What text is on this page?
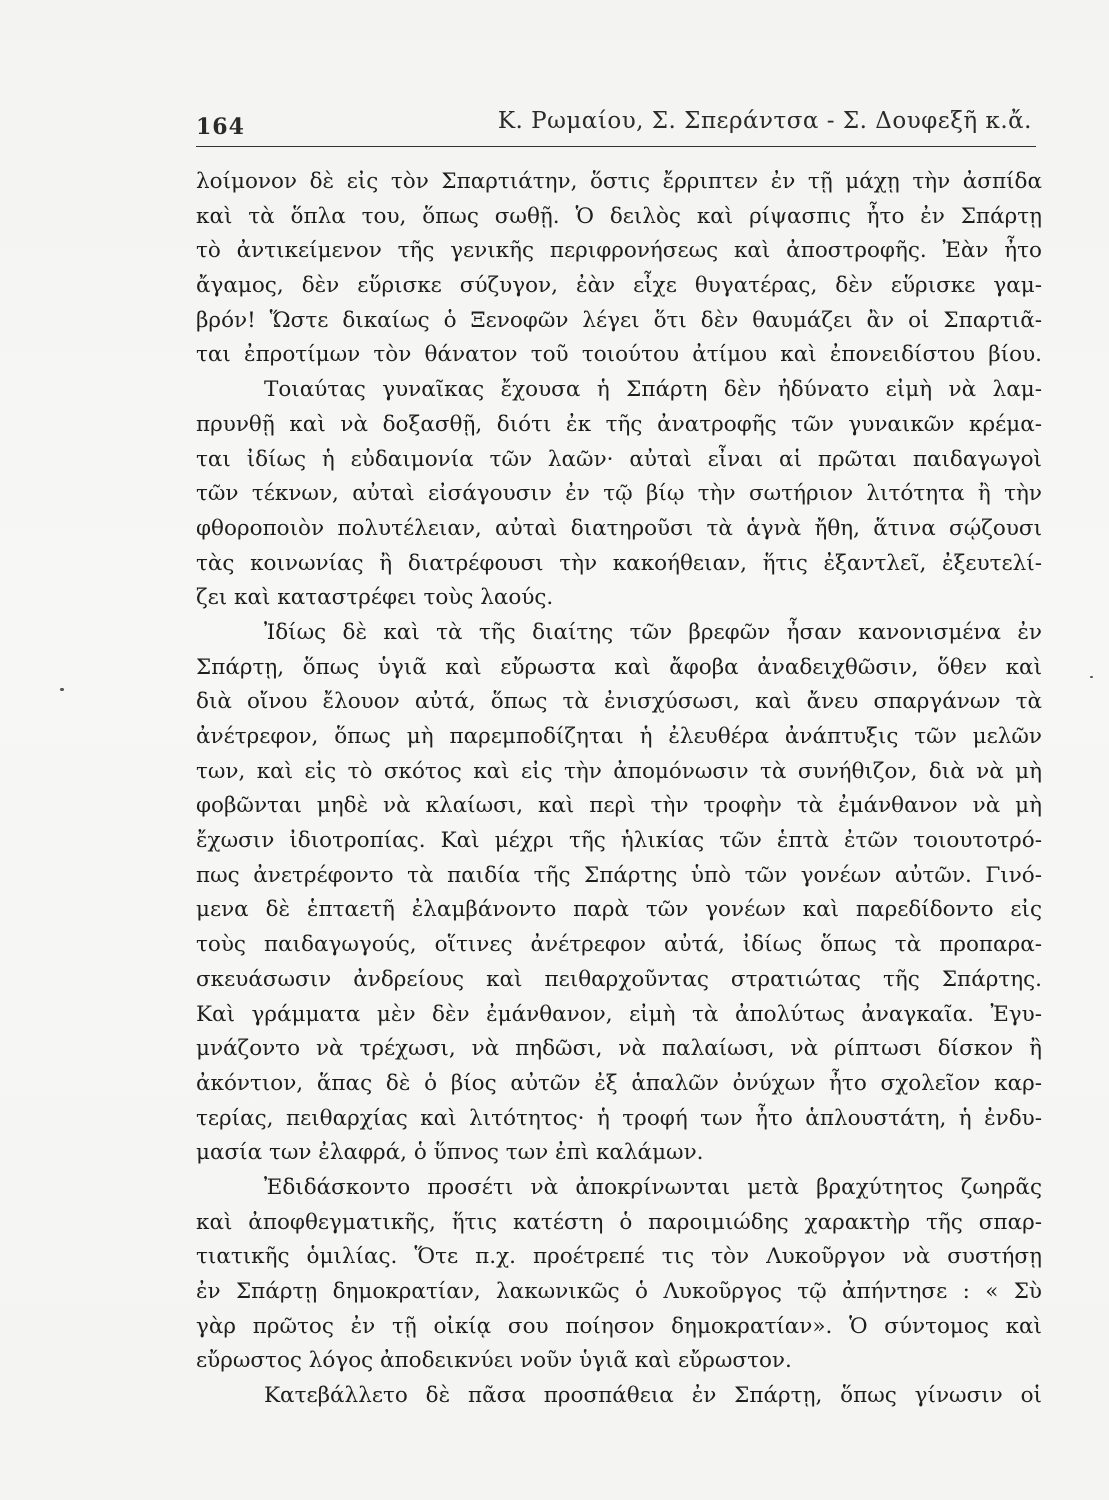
164	Κ. Ρωμαίου, Σ. Σπεράντσα - Σ. Δουφεξῆ κ.ἄ.
λοίμονον δὲ εἰς τὸν Σπαρτιάτην, ὅστις ἔρριπτεν ἐν τῇ μάχῃ τὴν ἀσπίδα
καὶ τὰ ὅπλα του, ὅπως σωθῇ. Ὁ δειλὸς καὶ ρίψασπις ἦτο ἐν Σπάρτῃ
τὸ ἀντικείμενον τῆς γενικῆς περιφρονήσεως καὶ ἀποστροφῆς. Ἐὰν ἦτο
ἄγαμος, δὲν εὕρισκε σύζυγον, ἐὰν εἶχε θυγατέρας, δὲν εὕρισκε γαμ-
βρόν! Ὥστε δικαίως ὁ Ξενοφῶν λέγει ὅτι δὲν θαυμάζει ἂν οἱ Σπαρτιᾶ-
ται ἐπροτίμων τὸν θάνατον τοῦ τοιούτου ἀτίμου καὶ ἐπονειδίστου βίου.
Τοιαύτας γυναῖκας ἔχουσα ἡ Σπάρτη δὲν ἠδύνατο εἰμὴ νὰ λαμ-
πρυνθῇ καὶ νὰ δοξασθῇ, διότι ἐκ τῆς ἀνατροφῆς τῶν γυναικῶν κρέμα-
ται ἰδίως ἡ εὐδαιμονία τῶν λαῶν· αὐταὶ εἶναι αἱ πρῶται παιδαγωγοὶ
τῶν τέκνων, αὐταὶ εἰσάγουσιν ἐν τῷ βίῳ τὴν σωτήριον λιτότητα ἢ τὴν
φθοροποιὸν πολυτέλειαν, αὐταὶ διατηροῦσι τὰ ἁγνὰ ἤθη, ἅτινα σῴζουσι
τὰς κοινωνίας ἢ διατρέφουσι τὴν κακοήθειαν, ἥτις ἐξαντλεῖ, ἐξευτελί-
ζει καὶ καταστρέφει τοὺς λαούς.
Ἰδίως δὲ καὶ τὰ τῆς διαίτης τῶν βρεφῶν ἦσαν κανονισμένα ἐν
Σπάρτῃ, ὅπως ὑγιᾶ καὶ εὔρωστα καὶ ἄφοβα ἀναδειχθῶσιν, ὅθεν καὶ
διὰ οἴνου ἔλουον αὐτά, ὅπως τὰ ἐνισχύσωσι, καὶ ἄνευ σπαργάνων τὰ
ἀνέτρεφον, ὅπως μὴ παρεμποδίζηται ἡ ἐλευθέρα ἀνάπτυξις τῶν μελῶν
των, καὶ εἰς τὸ σκότος καὶ εἰς τὴν ἀπομόνωσιν τὰ συνήθιζον, διὰ νὰ μὴ
φοβῶνται μηδὲ νὰ κλαίωσι, καὶ περὶ τὴν τροφὴν τὰ ἐμάνθανον νὰ μὴ
ἔχωσιν ἰδιοτροπίας. Καὶ μέχρι τῆς ἡλικίας τῶν ἑπτὰ ἐτῶν τοιουτοτρό-
πως ἀνετρέφοντο τὰ παιδία τῆς Σπάρτης ὑπὸ τῶν γονέων αὐτῶν. Γινό-
μενα δὲ ἑπταετῆ ἐλαμβάνοντο παρὰ τῶν γονέων καὶ παρεδίδοντο εἰς
τοὺς παιδαγωγούς, οἵτινες ἀνέτρεφον αὐτά, ἰδίως ὅπως τὰ προπαρα-
σκευάσωσιν ἀνδρείους καὶ πειθαρχοῦντας στρατιώτας τῆς Σπάρτης.
Καὶ γράμματα μὲν δὲν ἐμάνθανον, εἰμὴ τὰ ἀπολύτως ἀναγκαῖα. Ἐγυ-
μνάζοντο νὰ τρέχωσι, νὰ πηδῶσι, νὰ παλαίωσι, νὰ ρίπτωσι δίσκον ἢ
ἀκόντιον, ἅπας δὲ ὁ βίος αὐτῶν ἐξ ἁπαλῶν ὀνύχων ἦτο σχολεῖον καρ-
τερίας, πειθαρχίας καὶ λιτότητος· ἡ τροφή των ἦτο ἁπλουστάτη, ἡ ἐνδυ-
μασία των ἐλαφρά, ὁ ὕπνος των ἐπὶ καλάμων.
Ἐδιδάσκοντο προσέτι νὰ ἀποκρίνωνται μετὰ βραχύτητος ζωηρᾶς
καὶ ἀποφθεγματικῆς, ἥτις κατέστη ὁ παροιμιώδης χαρακτὴρ τῆς σπαρ-
τιατικῆς ὁμιλίας. Ὅτε π.χ. προέτρεπέ τις τὸν Λυκοῦργον νὰ συστήσῃ
ἐν Σπάρτῃ δημοκρατίαν, λακωνικῶς ὁ Λυκοῦργος τῷ ἀπήντησε : « Σὺ
γὰρ πρῶτος ἐν τῇ οἰκίᾳ σου ποίησον δημοκρατίαν». Ὁ σύντομος καὶ
εὔρωστος λόγος ἀποδεικνύει νοῦν ὑγιᾶ καὶ εὔρωστον.
Κατεβάλλετο δὲ πᾶσα προσπάθεια ἐν Σπάρτῃ, ὅπως γίνωσιν οἱ
